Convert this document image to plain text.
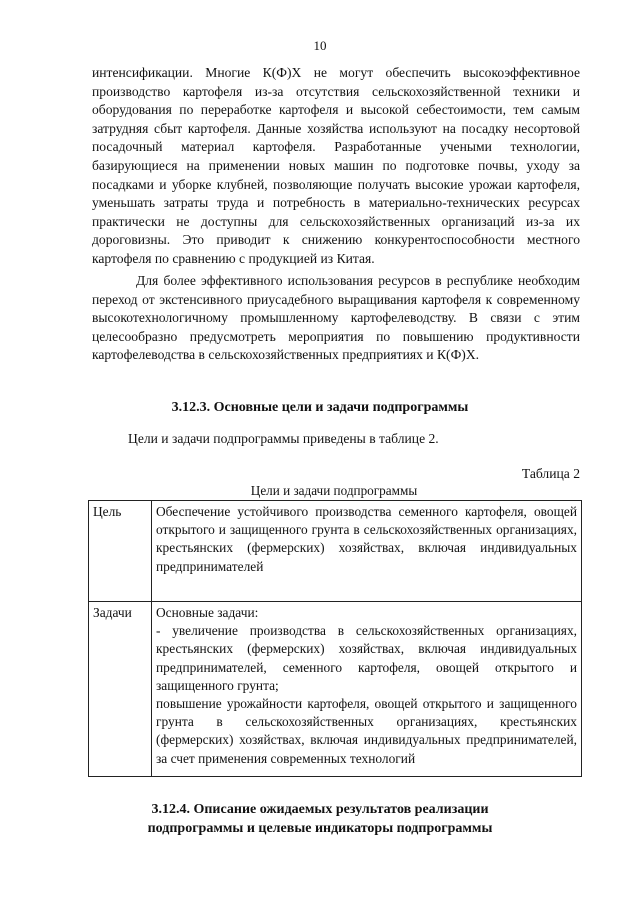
10

интенсификации. Многие К(Ф)Х не могут обеспечить высокоэффективное производство картофеля из-за отсутствия сельскохозяйственной техники и оборудования по переработке картофеля и высокой себестоимости, тем самым затрудняя сбыт картофеля. Данные хозяйства используют на посадку несортовой посадочный материал картофеля. Разработанные учеными технологии, базирующиеся на применении новых машин по подготовке почвы, уходу за посадками и уборке клубней, позволяющие получать высокие урожаи картофеля, уменьшать затраты труда и потребность в материально-технических ресурсах практически не доступны для сельскохозяйственных организаций из-за их дороговизны. Это приводит к снижению конкурентоспособности местного картофеля по сравнению с продукцией из Китая.

Для более эффективного использования ресурсов в республике необходим переход от экстенсивного приусадебного выращивания картофеля к современному высокотехнологичному промышленному картофелеводству. В связи с этим целесообразно предусмотреть мероприятия по повышению продуктивности картофелеводства в сельскохозяйственных предприятиях и К(Ф)Х.

3.12.3. Основные цели и задачи подпрограммы

Цели и задачи подпрограммы приведены в таблице 2.
Таблица 2
Цели и задачи подпрограммы
Цель	Обеспечение устойчивого производства семенного картофеля, овощей открытого и защищенного грунта в сельскохозяйственных организациях, крестьянских (фермерских) хозяйствах, включая индивидуальных предпринимателей
Задачи	Основные задачи:
- увеличение производства в сельскохозяйственных организациях, крестьянских (фермерских) хозяйствах, включая индивидуальных предпринимателей, семенного картофеля, овощей открытого и защищенного грунта;
повышение урожайности картофеля, овощей открытого и защищенного грунта в сельскохозяйственных организациях, крестьянских (фермерских) хозяйствах, включая индивидуальных предпринимателей, за счет применения современных технологий

3.12.4. Описание ожидаемых результатов реализации
подпрограммы и целевые индикаторы подпрограммы
